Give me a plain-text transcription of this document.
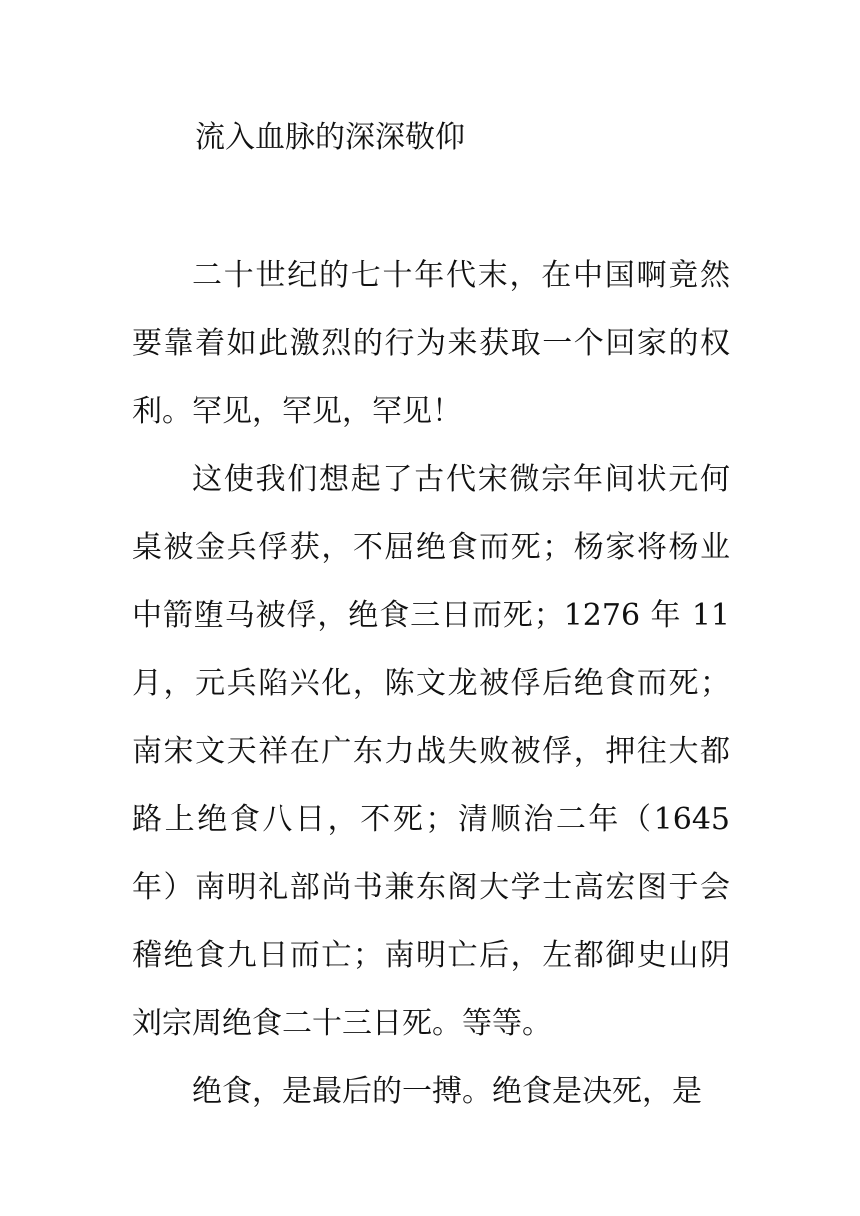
流入血脉的深深敬仰

二十世纪的七十年代末，在中国啊竟然要靠着如此激烈的行为来获取一个回家的权利。罕见，罕见，罕见！

这使我们想起了古代宋微宗年间状元何桌被金兵俘获，不屈绝食而死；杨家将杨业中箭堕马被俘，绝食三日而死；1276 年 11 月，元兵陷兴化，陈文龙被俘后绝食而死；南宋文天祥在广东力战失败被俘，押往大都路上绝食八日，不死；清顺治二年（1645 年）南明礼部尚书兼东阁大学士高宏图于会稽绝食九日而亡；南明亡后，左都御史山阴刘宗周绝食二十三日死。等等。

绝食，是最后的一搏。绝食是决死，是
